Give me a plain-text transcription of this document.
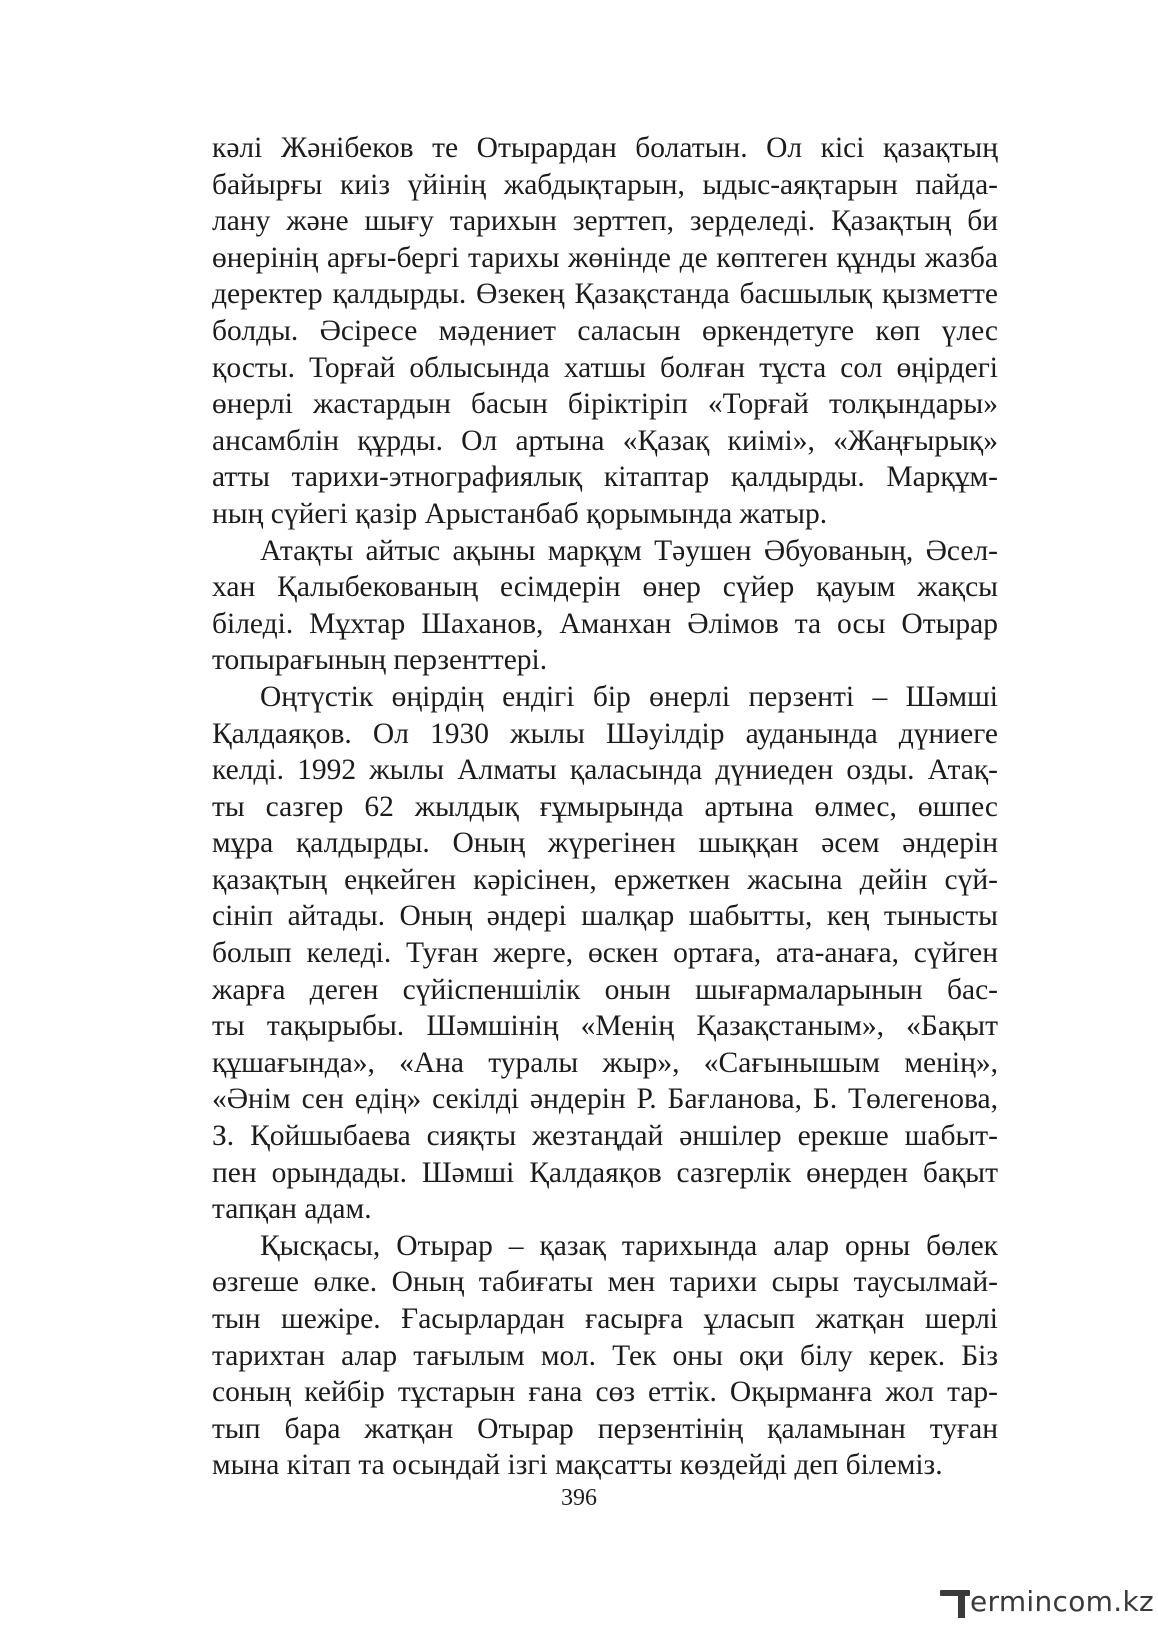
кəлі Жəнібеков те Отырардан болатын. Ол кісі қазақтың
байырғы киіз үйінің жабдықтарын, ыдыс-аяқтарын пайда-
лану жəне шығу тарихын зерттеп, зерделеді. Қазақтың би
өнерінің арғы-бергі тарихы жөнінде де көптеген құнды жазба
деректер қалдырды. Өзекең Қазақстанда басшылық қызметте
болды. Əсіресе мəдениет саласын өркендетуге көп үлес
қосты. Торғай облысында хатшы болған тұста сол өңірдегі
өнерлі жастардын басын біріктіріп «Торғай толқындары»
ансамблін құрды. Ол артына «Қазақ киімі», «Жаңғырық»
атты тарихи-этнографиялық кітаптар қалдырды. Марқұм-
ның сүйегі қазір Арыстанбаб қорымында жатыр.
Атақты айтыс ақыны марқұм Тəушен Əбуованың, Əсел-
хан Қалыбекованың есімдерін өнер сүйер қауым жақсы
біледі. Мұхтар Шаханов, Аманхан Əлімов та осы Отырар
топырағының перзенттері.
Оңтүстік өңірдің ендігі бір өнерлі перзенті – Шəмші
Қалдаяқов. Ол 1930 жылы Шəуілдір ауданында дүниеге
келді. 1992 жылы Алматы қаласында дүниеден озды. Атақ-
ты сазгер 62 жылдық ғұмырында артына өлмес, өшпес
мұра қалдырды. Оның жүрегінен шыққан əсем əндерін
қазақтың еңкейген кəрісінен, ержеткен жасына дейін сүй-
сініп айтады. Оның əндері шалқар шабытты, кең тынысты
болып келеді. Туған жерге, өскен ортаға, ата-анаға, сүйген
жарға деген сүйіспеншілік онын шығармаларынын бас-
ты тақырыбы. Шəмшінің «Менің Қазақстаным», «Бақыт
құшағында», «Ана туралы жыр», «Сағынышым менің»,
«Əнім сен едің» секілді əндерін Р. Бағланова, Б. Төлегенова,
З. Қойшыбаева сияқты жезтаңдай əншілер ерекше шабыт-
пен орындады. Шəмші Қалдаяқов сазгерлік өнерден бақыт
тапқан адам.
Қысқасы, Отырар – қазақ тарихында алар орны бөлек
өзгеше өлке. Оның табиғаты мен тарихи сыры таусылмай-
тын шежіре. Ғасырлардан ғасырға ұласып жатқан шерлі
тарихтан алар тағылым мол. Тек оны оқи білу керек. Біз
соның кейбір тұстарын ғана сөз еттік. Оқырманға жол тар-
тып бара жатқан Отырар перзентінің қаламынан туған
мына кітап та осындай ізгі мақсатты көздейді деп білеміз.
396
ermincom.kz
